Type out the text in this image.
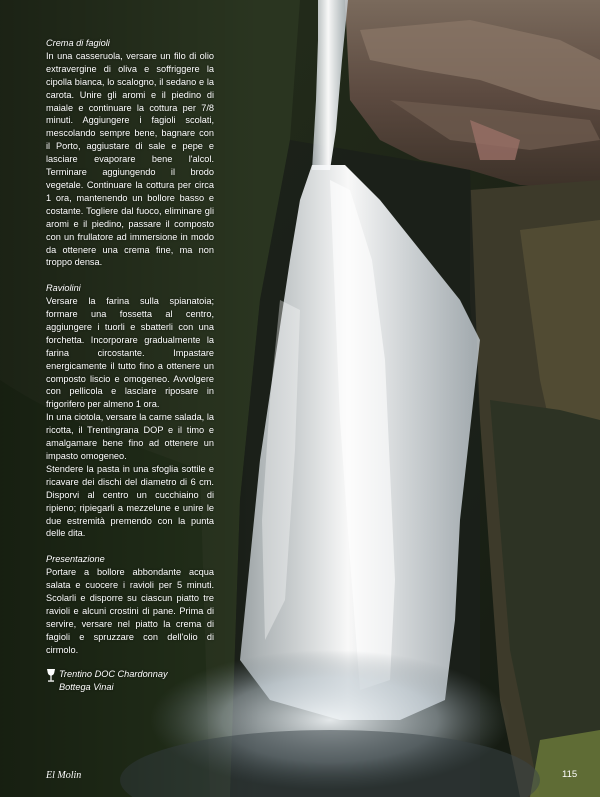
Crema di fagioli

In una casseruola, versare un filo di olio extravergine di oliva e soffriggere la cipolla bianca, lo scalogno, il sedano e la carota. Unire gli aromi e il piedino di maiale e continuare la cottura per 7/8 minuti. Aggiungere i fagioli scolati, mescolando sempre bene, bagnare con il Porto, aggiustare di sale e pepe e lasciare evaporare bene l'alcol. Terminare aggiungendo il brodo vegetale. Continuare la cottura per circa 1 ora, mantenendo un bollore basso e costante. Togliere dal fuoco, eliminare gli aromi e il piedino, passare il composto con un frullatore ad immersione in modo da ottenere una crema fine, ma non troppo densa.

Raviolini

Versare la farina sulla spianatoia; formare una fossetta al centro, aggiungere i tuorli e sbatterli con una forchetta. Incorporare gradualmente la farina circostante. Impastare energicamente il tutto fino a ottenere un composto liscio e omogeneo. Avvolgere con pellicola e lasciare riposare in frigorifero per almeno 1 ora.

In una ciotola, versare la carne salada, la ricotta, il Trentingrana DOP e il timo e amalgamare bene fino ad ottenere un impasto omogeneo.

Stendere la pasta in una sfoglia sottile e ricavare dei dischi del diametro di 6 cm. Disporvi al centro un cucchiaino di ripieno; ripiegarli a mezzelune e unire le due estremità premendo con la punta delle dita.

Presentazione

Portare a bollore abbondante acqua salata e cuocere i ravioli per 5 minuti. Scolarli e disporre su ciascun piatto tre ravioli e alcuni crostini di pane. Prima di servire, versare nel piatto la crema di fagioli e spruzzare con dell'olio di cirmolo.

Trentino DOC Chardonnay
Bottega Vinai
El Molin	115
